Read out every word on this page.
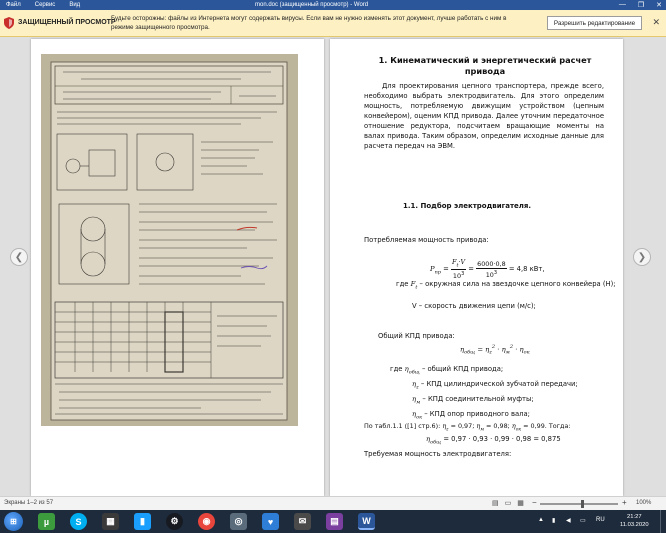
Файл Сервис Вид	mon.doc (защищенный просмотр) - Word	— ❐ ✕
ЗАЩИЩЕННЫЙ ПРОСМОТР
Будьте осторожны: файлы из Интернета могут содержать вирусы. Если вам не нужно изменять этот документ, лучше работать с ним в режиме защищенного просмотра.
Разрешить редактирование	✕
❮	❯
1. Кинематический и энергетический расчет привода
Для проектирования цепного транспортера, прежде всего, необходимо выбрать электродвигатель. Для этого определим мощность, потребляемую движущим устройством (цепным конвейером), оценим КПД привода. Далее уточним передаточное отношение редуктора, подсчитаем вращающие моменты на валах привода. Таким образом, определим исходные данные для расчета передач на ЭВМ.
1.1. Подбор электродвигателя.
Потребляемая мощность привода:
$P_{пр} = \frac{F_t\cdot V}{10^3} = \frac{6000\cdot 0,8}{10^3} = 4,8$ кВт,
где $F_t$ – окружная сила на звездочке цепного конвейера (Н);
V – скорость движения цепи (м/с);
Общий КПД привода:
$\eta_{общ} = \eta_z^2 \cdot \eta_м^2 \cdot \eta_{ок}$
где $\eta_{общ}$ – общий КПД привода;
$\eta_z$ – КПД цилиндрической зубчатой передачи;
$\eta_м$ – КПД соединительной муфты;
$\eta_{ок}$ – КПД опор приводного вала;
По табл.1.1 ([1] стр.6): $\eta_z = 0,97$; $\eta_м = 0,98$; $\eta_{ок} = 0,99$. Тогда:
$\eta_{общ} = 0,97 \cdot 0,93 \cdot 0,99 \cdot 0,98 = 0,875$
Требуемая мощность электродвигателя:
Экраны 1–2 из 57	▤ ▭ ▦ −	+ 100%
⊞	µ	S	▦	▮	⚙	◉	◎	♥	✉	▤	W	▲ ▮ ◀ ▭ RU	21:27
11.03.2020
